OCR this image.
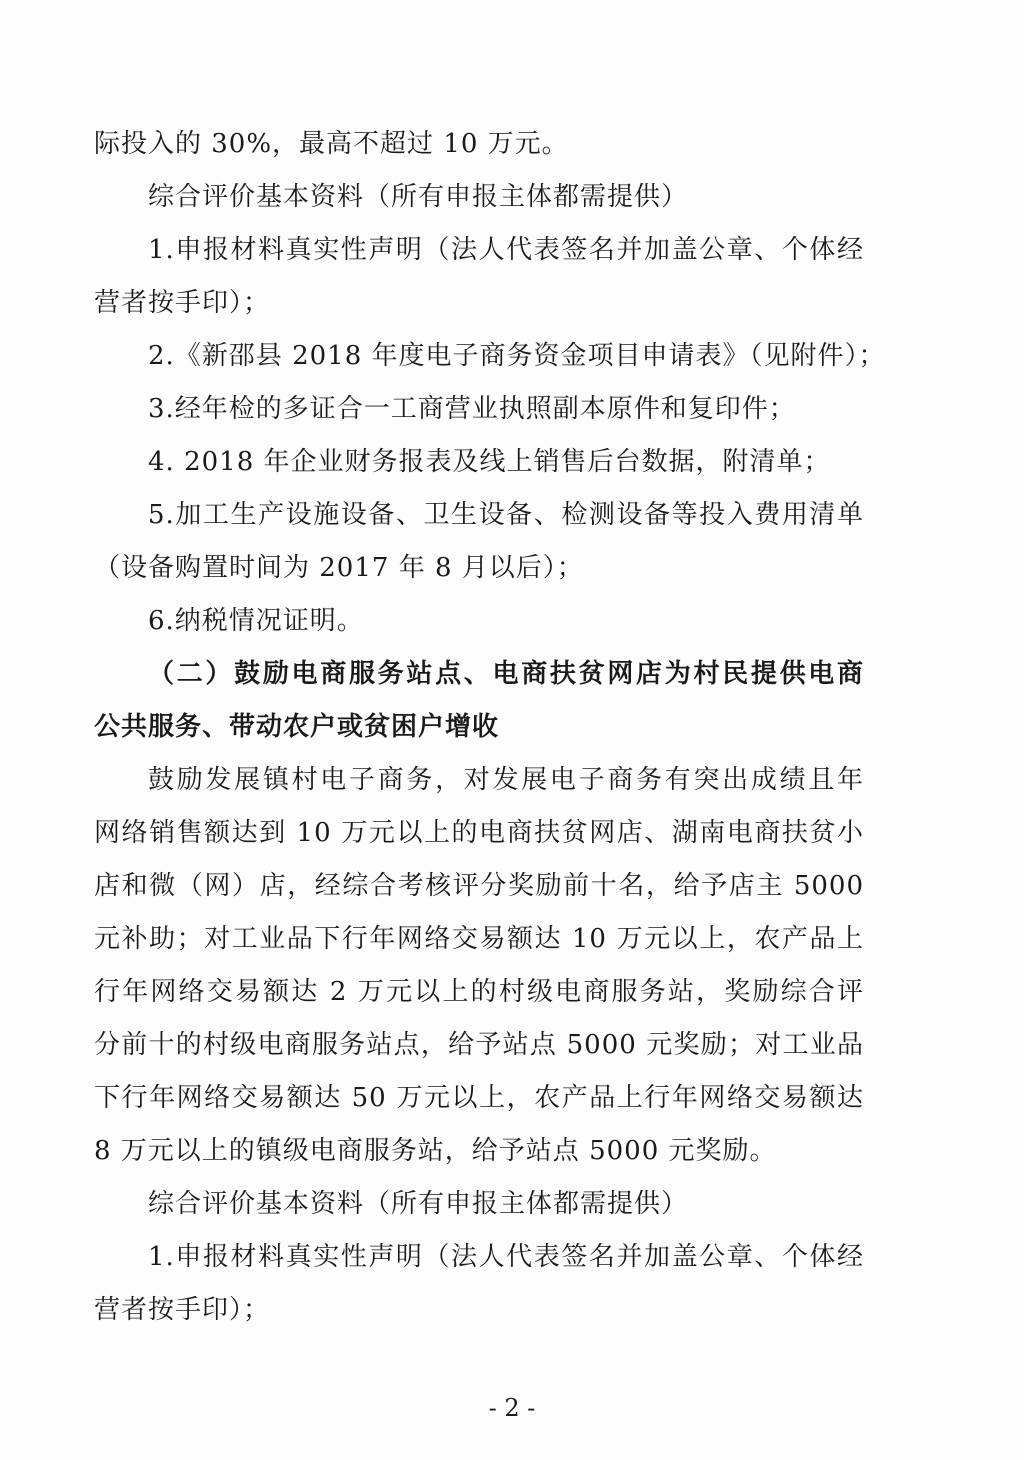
际投入的 30%，最高不超过 10 万元。
综合评价基本资料（所有申报主体都需提供）
1.申报材料真实性声明（法人代表签名并加盖公章、个体经
营者按手印）；
2.《新邵县 2018 年度电子商务资金项目申请表》（见附件）；
3.经年检的多证合一工商营业执照副本原件和复印件；
4. 2018 年企业财务报表及线上销售后台数据，附清单；
5.加工生产设施设备、卫生设备、检测设备等投入费用清单
（设备购置时间为 2017 年 8 月以后）；
6.纳税情况证明。
（二）鼓励电商服务站点、电商扶贫网店为村民提供电商
公共服务、带动农户或贫困户增收
鼓励发展镇村电子商务，对发展电子商务有突出成绩且年
网络销售额达到 10 万元以上的电商扶贫网店、湖南电商扶贫小
店和微（网）店，经综合考核评分奖励前十名，给予店主 5000
元补助；对工业品下行年网络交易额达 10 万元以上，农产品上
行年网络交易额达 2 万元以上的村级电商服务站，奖励综合评
分前十的村级电商服务站点，给予站点 5000 元奖励；对工业品
下行年网络交易额达 50 万元以上，农产品上行年网络交易额达
8 万元以上的镇级电商服务站，给予站点 5000 元奖励。
综合评价基本资料（所有申报主体都需提供）
1.申报材料真实性声明（法人代表签名并加盖公章、个体经
营者按手印）；
- 2 -
